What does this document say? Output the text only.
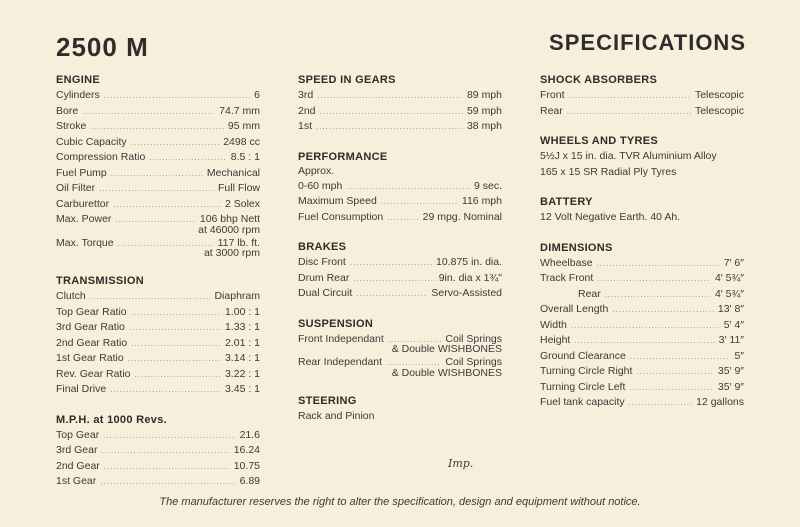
2500 M	SPECIFICATIONS
ENGINE
Cylinders .....	6
Bore .....	74.7 mm
Stroke .....	95 mm
Cubic Capacity .....	2498 cc
Compression Ratio .....	8.5 : 1
Fuel Pump .....	Mechanical
Oil Filter .....	Full Flow
Carburettor .....	2 Solex
Max. Power .....	106 bhp Nett
at 46000 rpm
Max. Torque .....	117 lb. ft.
at 3000 rpm
TRANSMISSION
Clutch .....	Diaphram
Top Gear Ratio .....	1.00 : 1
3rd Gear Ratio .....	1.33 : 1
2nd Gear Ratio .....	2.01 : 1
1st Gear Ratio .....	3.14 : 1
Rev. Gear Ratio .....	3.22 : 1
Final Drive .....	3.45 : 1
M.P.H. at 1000 Revs.
Top Gear .....	21.6
3rd Gear .....	16.24
2nd Gear .....	10.75
1st Gear .....	6.89
SPEED IN GEARS
3rd .....	89 mph
2nd .....	59 mph
1st .....	38 mph
PERFORMANCE
Approx.
0-60 mph .....	9 sec.
Maximum Speed .....	116 mph
Fuel Consumption .....	29 mpg. Nominal
BRAKES
Disc Front .....	10.875 in. dia.
Drum Rear .....	9in. dia x 1¾"
Dual Circuit .....	Servo-Assisted
SUSPENSION
Front Independant .....	Coil Springs
& Double WISHBONES
Rear Independant .....	Coil Springs
& Double WISHBONES
STEERING
Rack and Pinion
SHOCK ABSORBERS
Front .....	Telescopic
Rear .....	Telescopic
WHEELS AND TYRES
5½J x 15 in. dia. TVR Aluminium Alloy
165 x 15 SR Radial Ply Tyres
BATTERY
12 Volt Negative Earth. 40 Ah.
DIMENSIONS
Wheelbase .....	7′ 6″
Track Front .....	4′ 5¾″
Rear .....	4′ 5¾″
Overall Length .....	13′ 8″
Width .....	5′ 4″
Height .....	3′ 11″
Ground Clearance .....	5″
Turning Circle Right .....	35′ 9″
Turning Circle Left .....	35′ 9″
Fuel tank capacity .....	12 gallons
Imp.
The manufacturer reserves the right to alter the specification, design and equipment without notice.
